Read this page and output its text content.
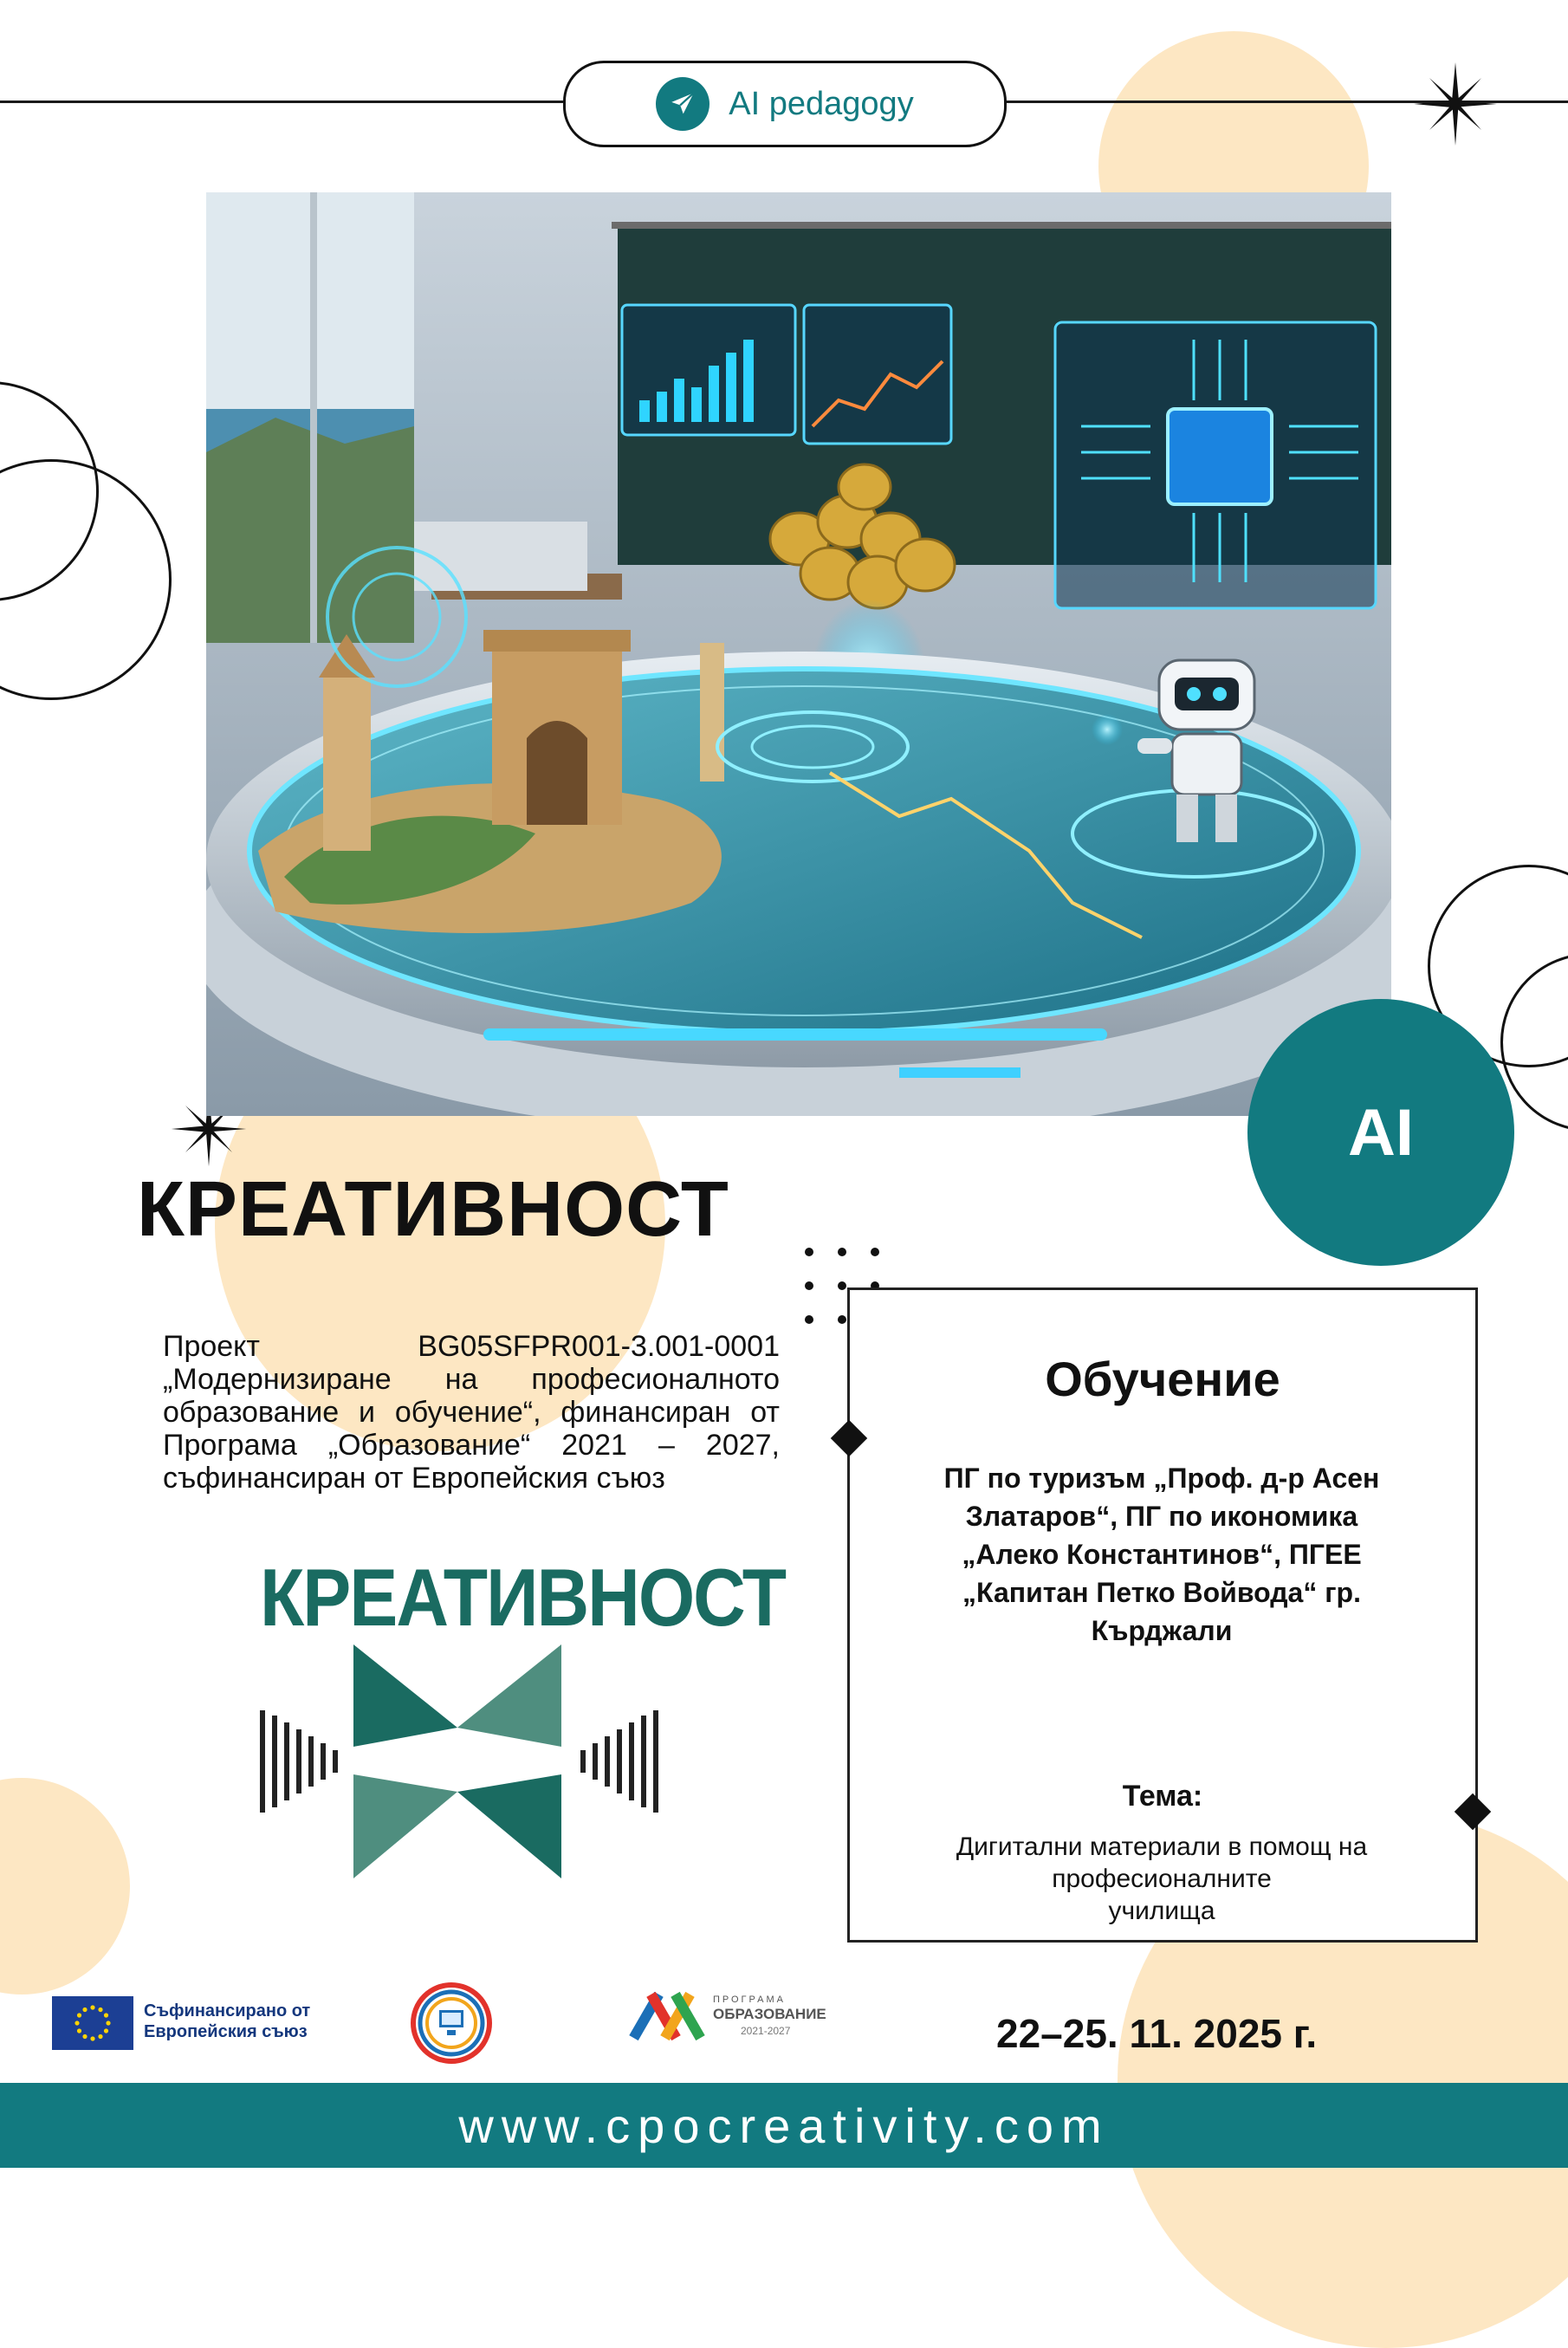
AI pedagogy
AI
КРЕАТИВНОСТ
Проект BG05SFPR001-3.001-0001 „Модернизиране на професионалното образование и обучение“, финансиран от Програма „Образование“ 2021 – 2027, съфинансиран от Европейския съюз
Обучение
ПГ по туризъм „Проф. д-р Асен Златаров“, ПГ по икономика „Алеко Константинов“, ПГЕЕ „Капитан Петко Войвода“ гр. Кърджали
Тема:
Дигитални материали в помощ на
професионалните
училища
КРЕАТИВНОСТ
Съфинансирано от
Европейския съюз
ПРОГРАМА
ОБРАЗОВАНИЕ
2021-2027	22–25. 11. 2025 г.
www.cpocreativity.com
